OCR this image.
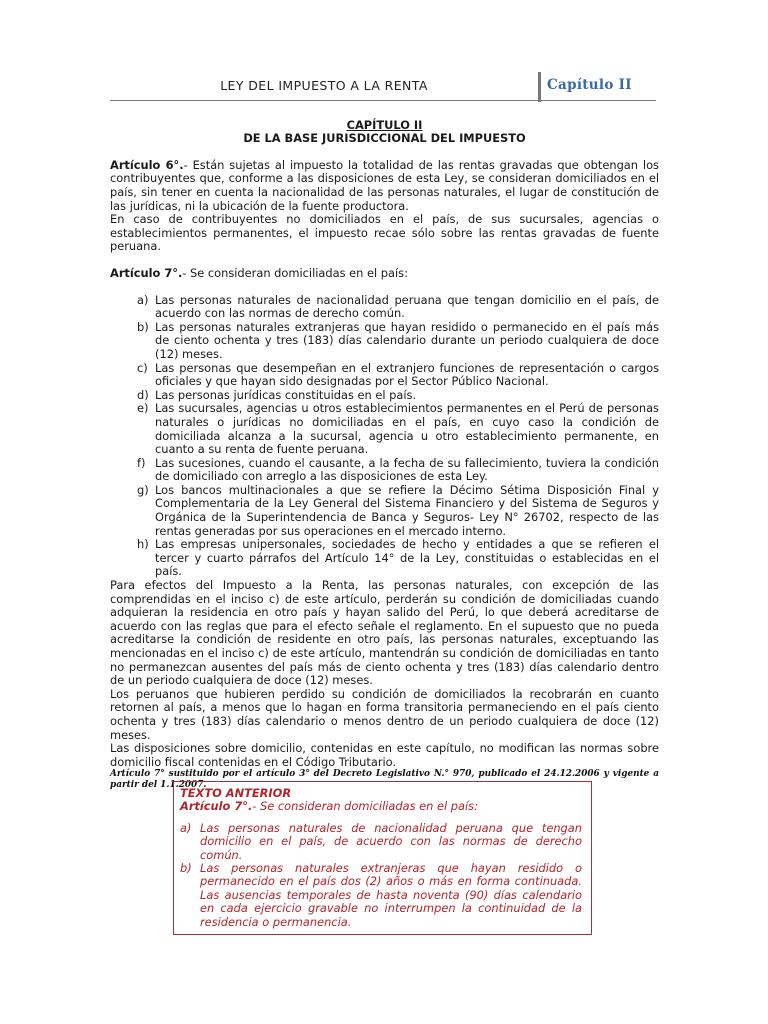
LEY DEL IMPUESTO A LA RENTA	Capítulo II
CAPÍTULO II
DE LA BASE JURISDICCIONAL DEL IMPUESTO

Artículo 6°.- Están sujetas al impuesto la totalidad de las rentas gravadas que obtengan los contribuyentes que, conforme a las disposiciones de esta Ley, se consideran domiciliados en el país, sin tener en cuenta la nacionalidad de las personas naturales, el lugar de constitución de las jurídicas, ni la ubicación de la fuente productora.

En caso de contribuyentes no domiciliados en el país, de sus sucursales, agencias o establecimientos permanentes, el impuesto recae sólo sobre las rentas gravadas de fuente peruana.

Artículo 7°.- Se consideran domiciliadas en el país:

a) Las personas naturales de nacionalidad peruana que tengan domicilio en el país, de acuerdo con las normas de derecho común.
b) Las personas naturales extranjeras que hayan residido o permanecido en el país más de ciento ochenta y tres (183) días calendario durante un periodo cualquiera de doce (12) meses.
c) Las personas que desempeñan en el extranjero funciones de representación o cargos oficiales y que hayan sido designadas por el Sector Público Nacional.
d) Las personas jurídicas constituidas en el país.
e) Las sucursales, agencias u otros establecimientos permanentes en el Perú de personas naturales o jurídicas no domiciliadas en el país, en cuyo caso la condición de domiciliada alcanza a la sucursal, agencia u otro establecimiento permanente, en cuanto a su renta de fuente peruana.
f) Las sucesiones, cuando el causante, a la fecha de su fallecimiento, tuviera la condición de domiciliado con arreglo a las disposiciones de esta Ley.
g) Los bancos multinacionales a que se refiere la Décimo Sétima Disposición Final y Complementaria de la Ley General del Sistema Financiero y del Sistema de Seguros y Orgánica de la Superintendencia de Banca y Seguros- Ley N° 26702, respecto de las rentas generadas por sus operaciones en el mercado interno.
h) Las empresas unipersonales, sociedades de hecho y entidades a que se refieren el tercer y cuarto párrafos del Artículo 14° de la Ley, constituidas o establecidas en el país.

Para efectos del Impuesto a la Renta, las personas naturales, con excepción de las comprendidas en el inciso c) de este artículo, perderán su condición de domiciliadas cuando adquieran la residencia en otro país y hayan salido del Perú, lo que deberá acreditarse de acuerdo con las reglas que para el efecto señale el reglamento. En el supuesto que no pueda acreditarse la condición de residente en otro país, las personas naturales, exceptuando las mencionadas en el inciso c) de este artículo, mantendrán su condición de domiciliadas en tanto no permanezcan ausentes del país más de ciento ochenta y tres (183) días calendario dentro de un periodo cualquiera de doce (12) meses.

Los peruanos que hubieren perdido su condición de domiciliados la recobrarán en cuanto retornen al país, a menos que lo hagan en forma transitoria permaneciendo en el país ciento ochenta y tres (183) días calendario o menos dentro de un periodo cualquiera de doce (12) meses.

Las disposiciones sobre domicilio, contenidas en este capítulo, no modifican las normas sobre domicilio fiscal contenidas en el Código Tributario.

Artículo 7° sustituido por el artículo 3° del Decreto Legislativo N.° 970, publicado el 24.12.2006 y vigente a partir del 1.1.2007.

TEXTO ANTERIOR

Artículo 7°.- Se consideran domiciliadas en el país:

a) Las personas naturales de nacionalidad peruana que tengan domicilio en el país, de acuerdo con las normas de derecho común.
b) Las personas naturales extranjeras que hayan residido o permanecido en el país dos (2) años o más en forma continuada. Las ausencias temporales de hasta noventa (90) días calendario en cada ejercicio gravable no interrumpen la continuidad de la residencia o permanencia.
